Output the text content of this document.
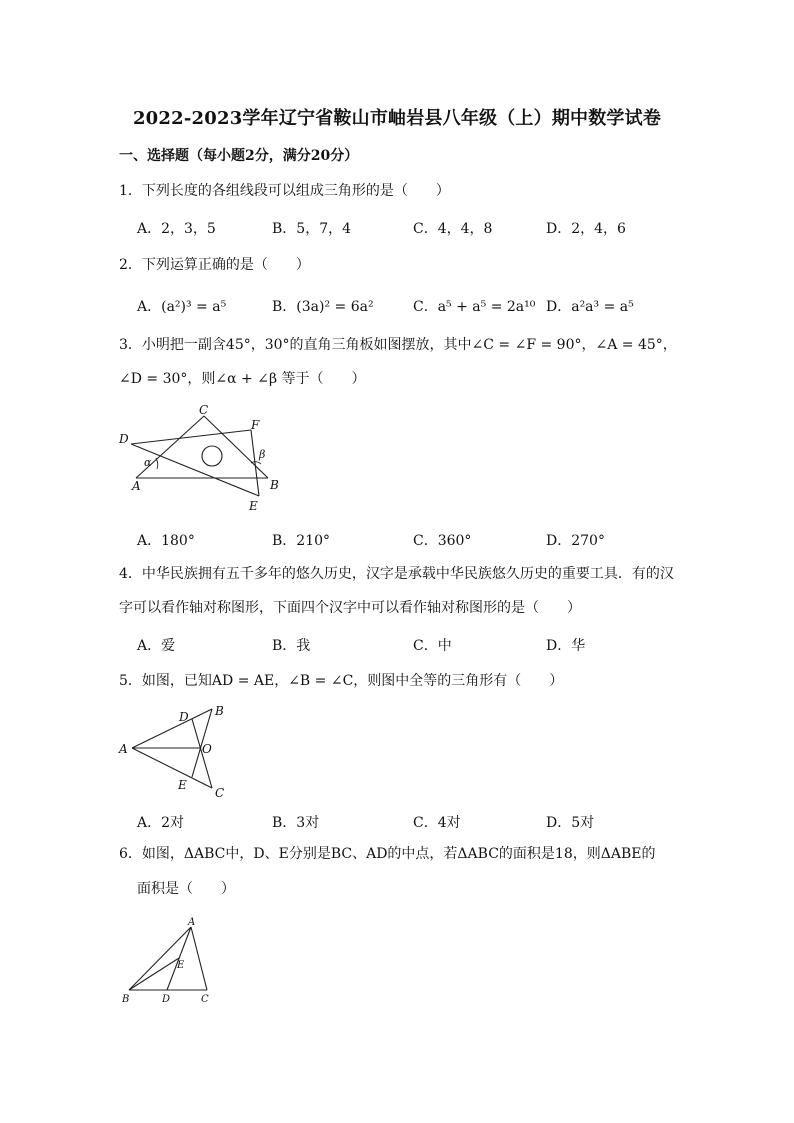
2022-2023学年辽宁省鞍山市岫岩县八年级（上）期中数学试卷
一、选择题（每小题2分，满分20分）
1．下列长度的各组线段可以组成三角形的是（　　）
A．2，3，5	B．5，7，4	C．4，4，8	D．2，4，6
2．下列运算正确的是（　　）
A．(a²)³ = a⁵	B．(3a)² = 6a²	C．a⁵ + a⁵ = 2a¹⁰ D．a²a³ = a⁵
3．小明把一副含45°，30°的直角三角板如图摆放，其中∠C = ∠F = 90°，∠A = 45°，
∠D = 30°，则∠α + ∠β 等于（　　）
C
D
F
A	B
E
α
β
A．180°	B．210°	C．360°	D．270°
4．中华民族拥有五千多年的悠久历史，汉字是承载中华民族悠久历史的重要工具．有的汉
字可以看作轴对称图形，下面四个汉字中可以看作轴对称图形的是（　　）
A．爱	B．我	C．中	D．华
5．如图，已知AD = AE，∠B = ∠C，则图中全等的三角形有（　　）
A
B
C
D
E
O
A．2对	B．3对	C．4对	D．5对
6．如图，ΔABC中，D、E分别是BC、AD的中点，若ΔABC的面积是18，则ΔABE的
面积是（　　）
A
B	C
D
E
